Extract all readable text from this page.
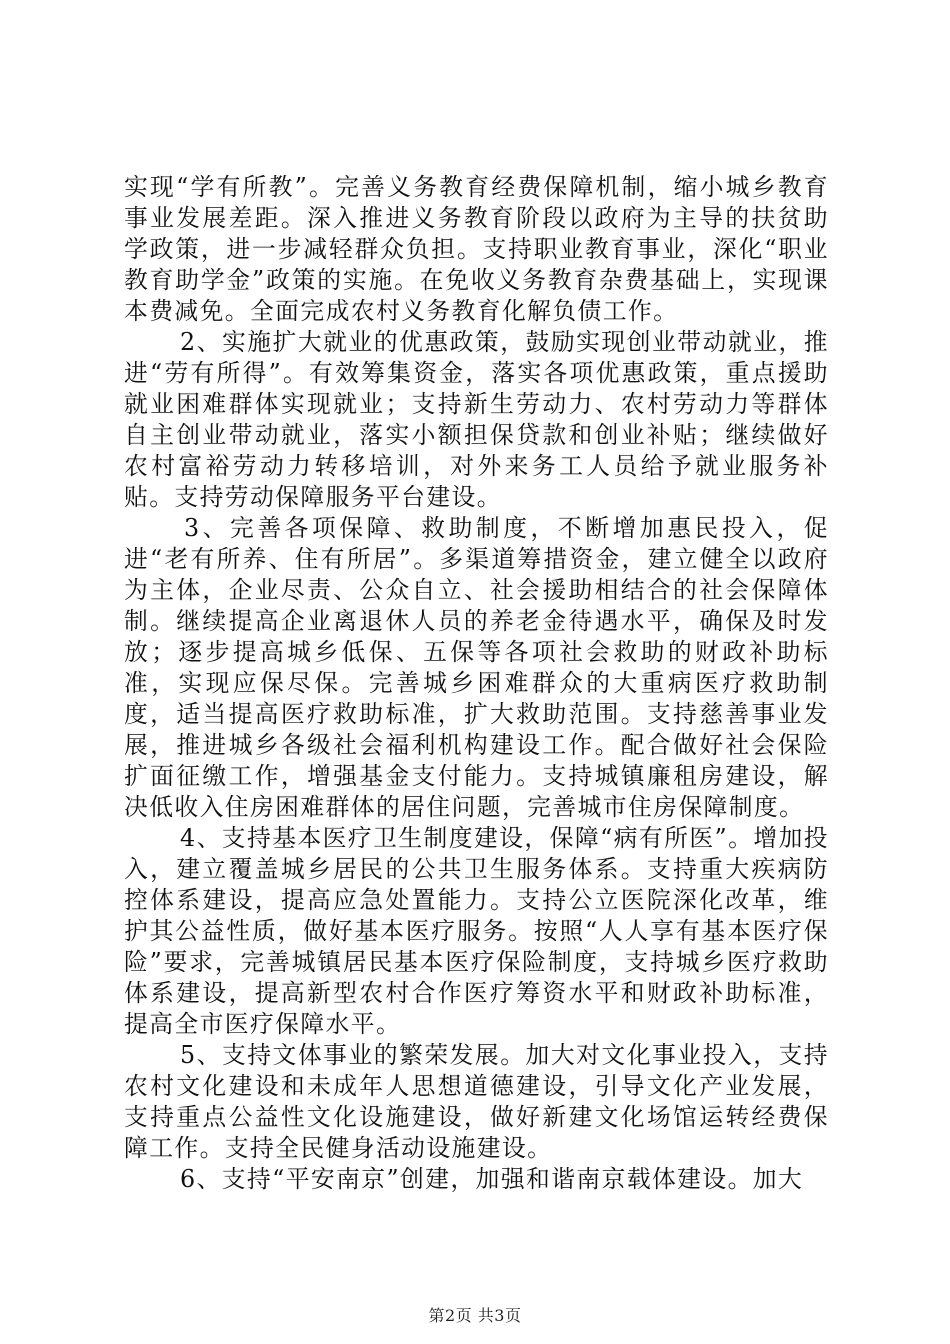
实现“学有所教”。完善义务教育经费保障机制，缩小城乡教育事业发展差距。深入推进义务教育阶段以政府为主导的扶贫助学政策，进一步减轻群众负担。支持职业教育事业，深化“职业教育助学金”政策的实施。在免收义务教育杂费基础上，实现课本费减免。全面完成农村义务教育化解负债工作。

2、实施扩大就业的优惠政策，鼓励实现创业带动就业，推进“劳有所得”。有效筹集资金，落实各项优惠政策，重点援助就业困难群体实现就业；支持新生劳动力、农村劳动力等群体自主创业带动就业，落实小额担保贷款和创业补贴；继续做好农村富裕劳动力转移培训，对外来务工人员给予就业服务补贴。支持劳动保障服务平台建设。

3、完善各项保障、救助制度，不断增加惠民投入，促进“老有所养、住有所居”。多渠道筹措资金，建立健全以政府为主体，企业尽责、公众自立、社会援助相结合的社会保障体制。继续提高企业离退休人员的养老金待遇水平，确保及时发放；逐步提高城乡低保、五保等各项社会救助的财政补助标准，实现应保尽保。完善城乡困难群众的大重病医疗救助制度，适当提高医疗救助标准，扩大救助范围。支持慈善事业发展，推进城乡各级社会福利机构建设工作。配合做好社会保险扩面征缴工作，增强基金支付能力。支持城镇廉租房建设，解决低收入住房困难群体的居住问题，完善城市住房保障制度。

4、支持基本医疗卫生制度建设，保障“病有所医”。增加投入，建立覆盖城乡居民的公共卫生服务体系。支持重大疾病防控体系建设，提高应急处置能力。支持公立医院深化改革，维护其公益性质，做好基本医疗服务。按照“人人享有基本医疗保险”要求，完善城镇居民基本医疗保险制度，支持城乡医疗救助体系建设，提高新型农村合作医疗筹资水平和财政补助标准，提高全市医疗保障水平。

5、支持文体事业的繁荣发展。加大对文化事业投入，支持农村文化建设和未成年人思想道德建设，引导文化产业发展，支持重点公益性文化设施建设，做好新建文化场馆运转经费保障工作。支持全民健身活动设施建设。

6、支持“平安南京”创建，加强和谐南京载体建设。加大

第2页 共3页
